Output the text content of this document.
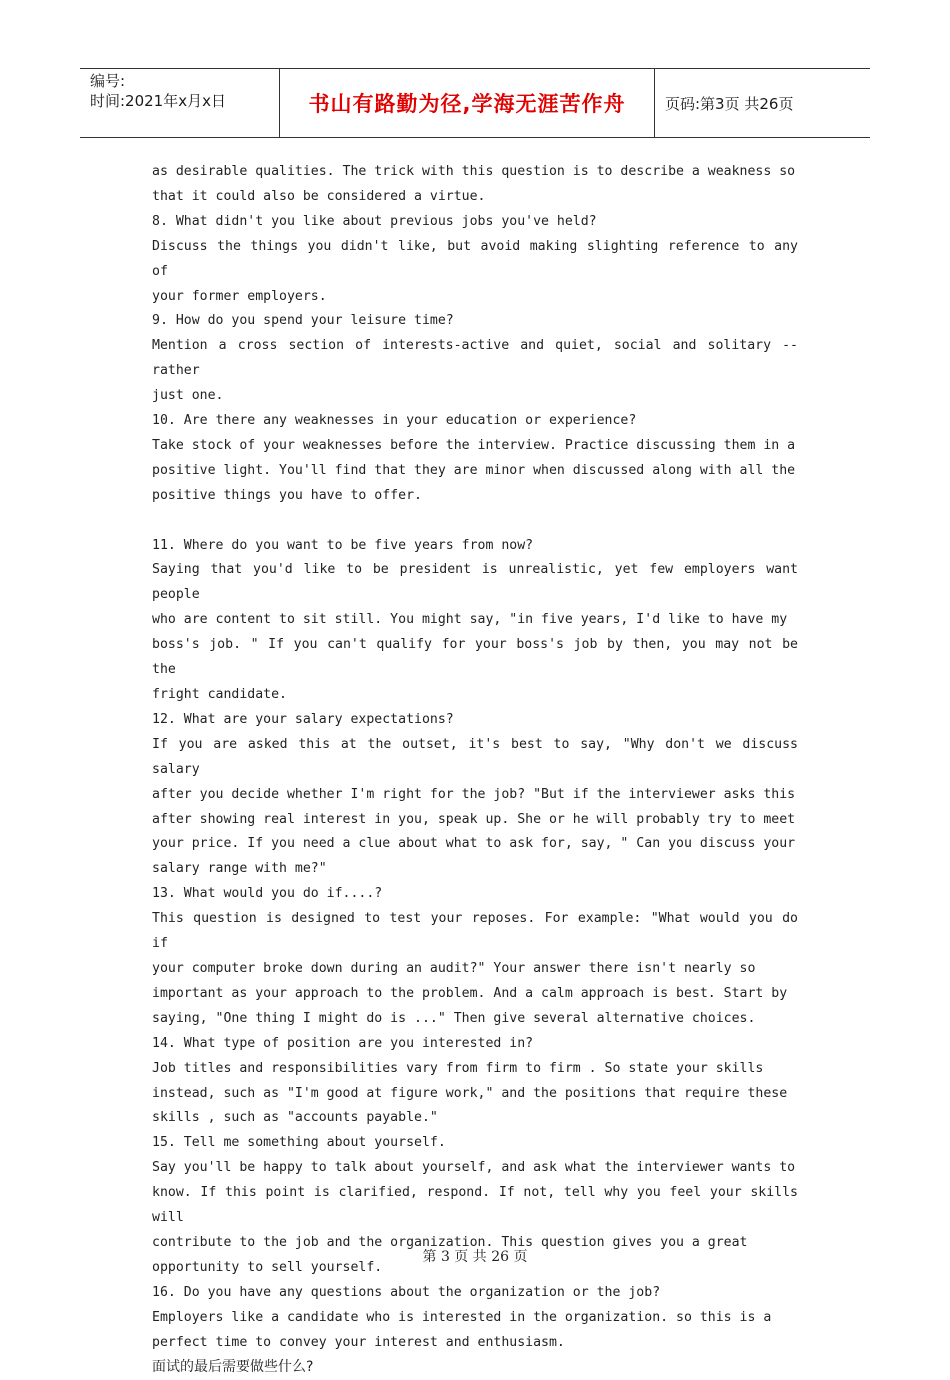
编号:
时间:2021年x月x日	书山有路勤为径,学海无涯苦作舟	页码:第3页 共26页

as desirable qualities. The trick with this question is to describe a weakness so

that it could also be considered a virtue.

8. What didn't you like about previous jobs you've held?

Discuss the things you didn't like, but avoid making slighting reference to any of

your former employers.

9. How do you spend your leisure time?

Mention a cross section of interests-active and quiet, social and solitary -- rather

just one.

10. Are there any weaknesses in your education or experience?

Take stock of your weaknesses before the interview. Practice discussing them in a

positive light. You'll find that they are minor when discussed along with all the

positive things you have to offer.

11. Where do you want to be five years from now?

Saying that you'd like to be president is unrealistic, yet few employers want people

who are content to sit still. You might say, "in five years, I'd like to have my

boss's job. " If you can't qualify for your boss's job by then, you may not be the

fright candidate.

12. What are your salary expectations?

If you are asked this at the outset, it's best to say, "Why don't we discuss salary

after you decide whether I'm right for the job? "But if the interviewer asks this

after showing real interest in you, speak up. She or he will probably try to meet

your price. If you need a clue about what to ask for, say, " Can you discuss your

salary range with me?"

13. What would you do if....?

This question is designed to test your reposes. For example: "What would you do if

your computer broke down during an audit?" Your answer there isn't nearly so

important as your approach to the problem. And a calm approach is best. Start by

saying, "One thing I might do is ..." Then give several alternative choices.

14. What type of position are you interested in?

Job titles and responsibilities vary from firm to firm . So state your skills

instead, such as "I'm good at figure work," and the positions that require these

skills , such as "accounts payable."

15. Tell me something about yourself.

Say you'll be happy to talk about yourself, and ask what the interviewer wants to

know. If this point is clarified, respond. If not, tell why you feel your skills will

contribute to the job and the organization. This question gives you a great

opportunity to sell yourself.

16. Do you have any questions about the organization or the job?

Employers like a candidate who is interested in the organization. so this is a

perfect time to convey your interest and enthusiasm.

面试的最后需要做些什么?

第 3 页 共 26 页
